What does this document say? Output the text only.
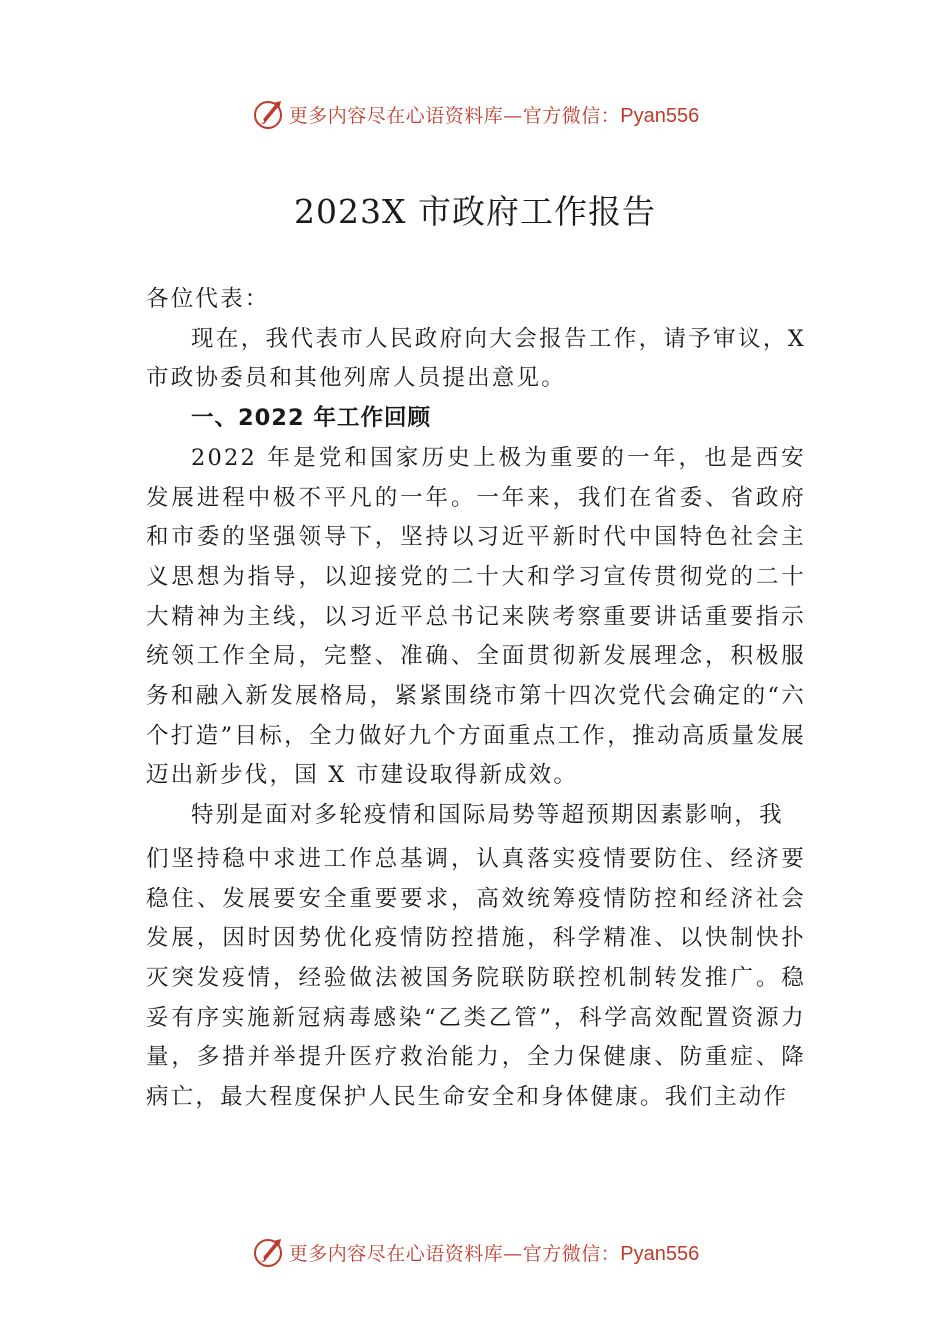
更多内容尽在心语资料库—官方微信：Pyan556
2023X 市政府工作报告

各位代表：

现在，我代表市人民政府向大会报告工作，请予审议，X 市政协委员和其他列席人员提出意见。

一、2022 年工作回顾

2022 年是党和国家历史上极为重要的一年，也是西安发展进程中极不平凡的一年。一年来，我们在省委、省政府和市委的坚强领导下，坚持以习近平新时代中国特色社会主义思想为指导，以迎接党的二十大和学习宣传贯彻党的二十大精神为主线，以习近平总书记来陕考察重要讲话重要指示统领工作全局，完整、准确、全面贯彻新发展理念，积极服务和融入新发展格局，紧紧围绕市第十四次党代会确定的“六个打造”目标，全力做好九个方面重点工作，推动高质量发展迈出新步伐，国 X 市建设取得新成效。

特别是面对多轮疫情和国际局势等超预期因素影响，我

们坚持稳中求进工作总基调，认真落实疫情要防住、经济要稳住、发展要安全重要要求，高效统筹疫情防控和经济社会发展，因时因势优化疫情防控措施，科学精准、以快制快扑灭突发疫情，经验做法被国务院联防联控机制转发推广。稳妥有序实施新冠病毒感染“乙类乙管”，科学高效配置资源力量，多措并举提升医疗救治能力，全力保健康、防重症、降病亡，最大程度保护人民生命安全和身体健康。我们主动作

更多内容尽在心语资料库—官方微信：Pyan556
